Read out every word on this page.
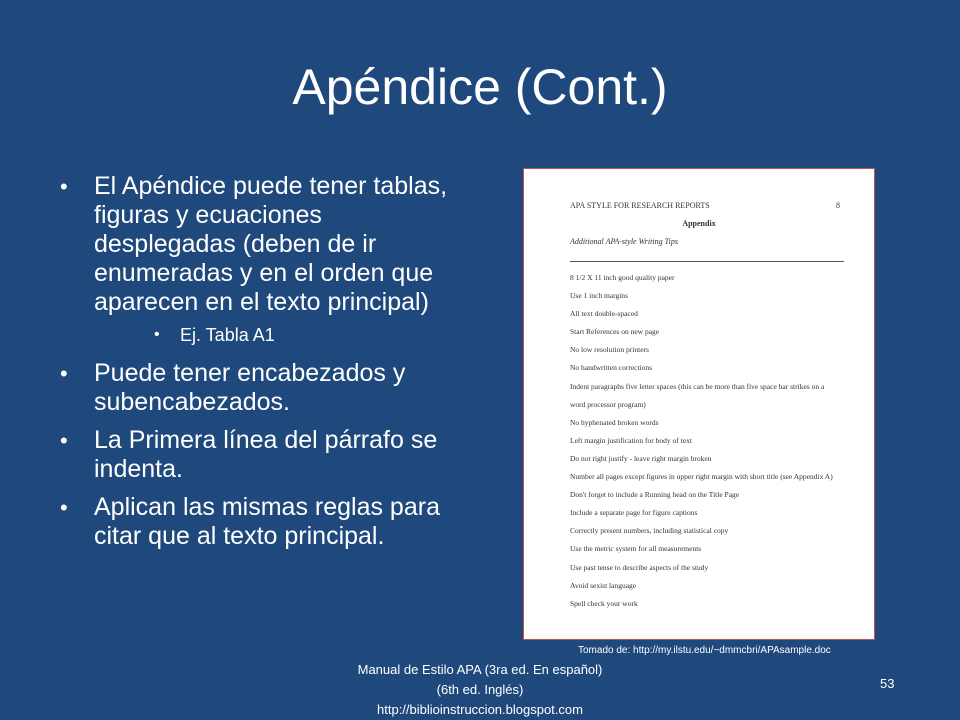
Apéndice (Cont.)
• El Apéndice puede tener tablas, figuras y ecuaciones desplegadas (deben de ir enumeradas y en el orden que aparecen en el texto principal)
• Ej. Tabla A1
• Puede tener encabezados y subencabezados.
• La Primera línea del párrafo se indenta.
• Aplican las mismas reglas para citar que al texto principal.
APA STYLE FOR RESEARCH REPORTS	8
Appendix
Additional APA-style Writing Tips
8 1/2 X 11 inch good quality paper
Use 1 inch margins
All text double-spaced
Start References on new page
No low resolution printers
No handwritten corrections
Indent paragraphs five letter spaces (this can be more than five space bar strikes on a
word processor program)
No hyphenated broken words
Left margin justification for body of text
Do not right justify - leave right margin broken
Number all pages except figures in upper right margin with short title (see Appendix A)
Don't forget to include a Running head on the Title Page
Include a separate page for figure captions
Correctly present numbers, including statistical copy
Use the metric system for all measurements
Use past tense to describe aspects of the study
Avoid sexist language
Spell check your work
Tomado de: http://my.ilstu.edu/~dmmcbri/APAsample.doc
Manual de Estilo APA (3ra ed. En español)
(6th ed. Inglés)
http://biblioinstruccion.blogspot.com
53
